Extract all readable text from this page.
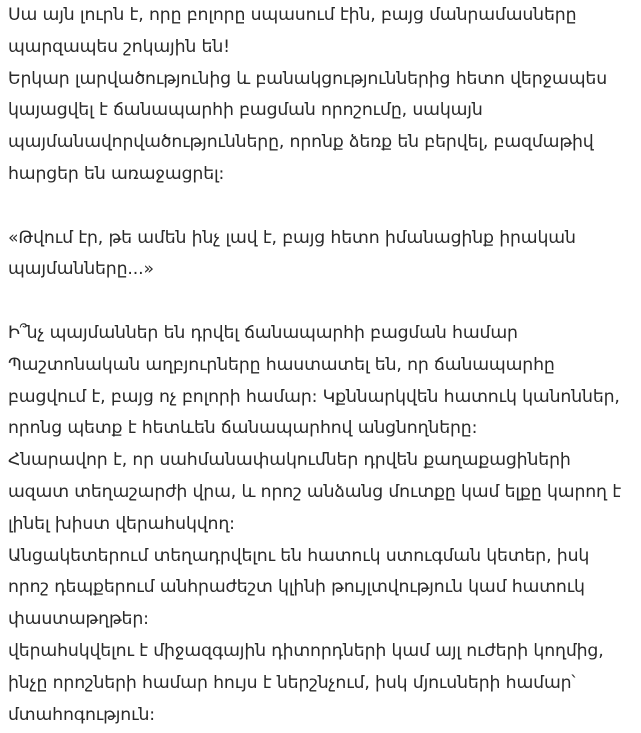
Սա այն լուրն է, որը բոլորը սպասում էին, բայց մանրամասները
պարզապես շոկային են!
Երկար լարվածությունից և բանակցություններից հետո վերջապես
կայացվել է ճանապարհի բացման որոշումը, սակայն
պայմանավորվածությունները, որոնք ձեռք են բերվել, բազմաթիվ
հարցեր են առաջացրել:
«Թվում էր, թե ամեն ինչ լավ է, բայց հետո իմանացինք իրական
պայմանները...»
Ի՞նչ պայմաններ են դրվել ճանապարհի բացման համար
Պաշտոնական աղբյուրները հաստատել են, որ ճանապարհը
բացվում է, բայց ոչ բոլորի համար: Կքննարկվեն հատուկ կանոններ,
որոնց պետք է հետևեն ճանապարհով անցնողները:
Հնարավոր է, որ սահմանափակումներ դրվեն քաղաքացիների
ազատ տեղաշարժի վրա, և որոշ անձանց մուտքը կամ ելքը կարող է
լինել խիստ վերահսկվող:
Անցակետերում տեղադրվելու են հատուկ ստուգման կետեր, իսկ
որոշ դեպքերում անհրաժեշտ կլինի թույլտվություն կամ հատուկ
փաստաթղթեր:
վերահսկվելու է միջազգային դիտորդների կամ այլ ուժերի կողմից,
ինչը որոշների համար հույս է ներշնչում, իսկ մյուսների համար՝
մտահոգություն:
